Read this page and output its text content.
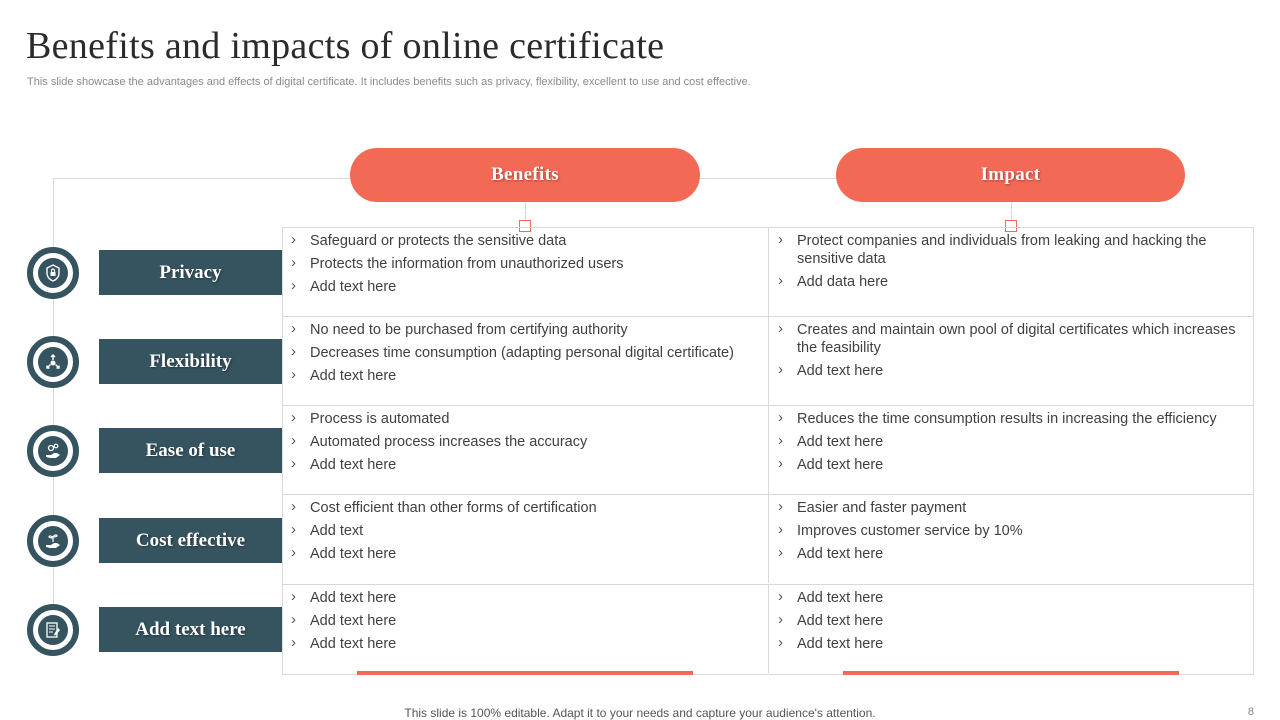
Benefits and impacts of online certificate
This slide showcase the advantages and effects of digital certificate. It includes benefits such as privacy, flexibility, excellent to use and cost effective.
Benefits	Impact
Privacy
› Safeguard or protects the sensitive data
› Protects the information from unauthorized users
› Add text here
› Protect companies and individuals from leaking and hacking the sensitive data
› Add data here
Flexibility
› No need to be purchased from certifying authority
› Decreases time consumption (adapting personal digital certificate)
› Add text here
› Creates and maintain own pool of digital certificates which increases the feasibility
› Add text here
Ease of use
› Process is automated
› Automated process increases the accuracy
› Add text here
› Reduces the time consumption results in increasing the efficiency
› Add text here
› Add text here
Cost effective
› Cost efficient than other forms of certification
› Add text
› Add text here
› Easier and faster payment
› Improves customer service by 10%
› Add text here
Add text here
› Add text here
› Add text here
› Add text here
› Add text here
› Add text here
› Add text here
This slide is 100% editable. Adapt it to your needs and capture your audience's attention.	8
